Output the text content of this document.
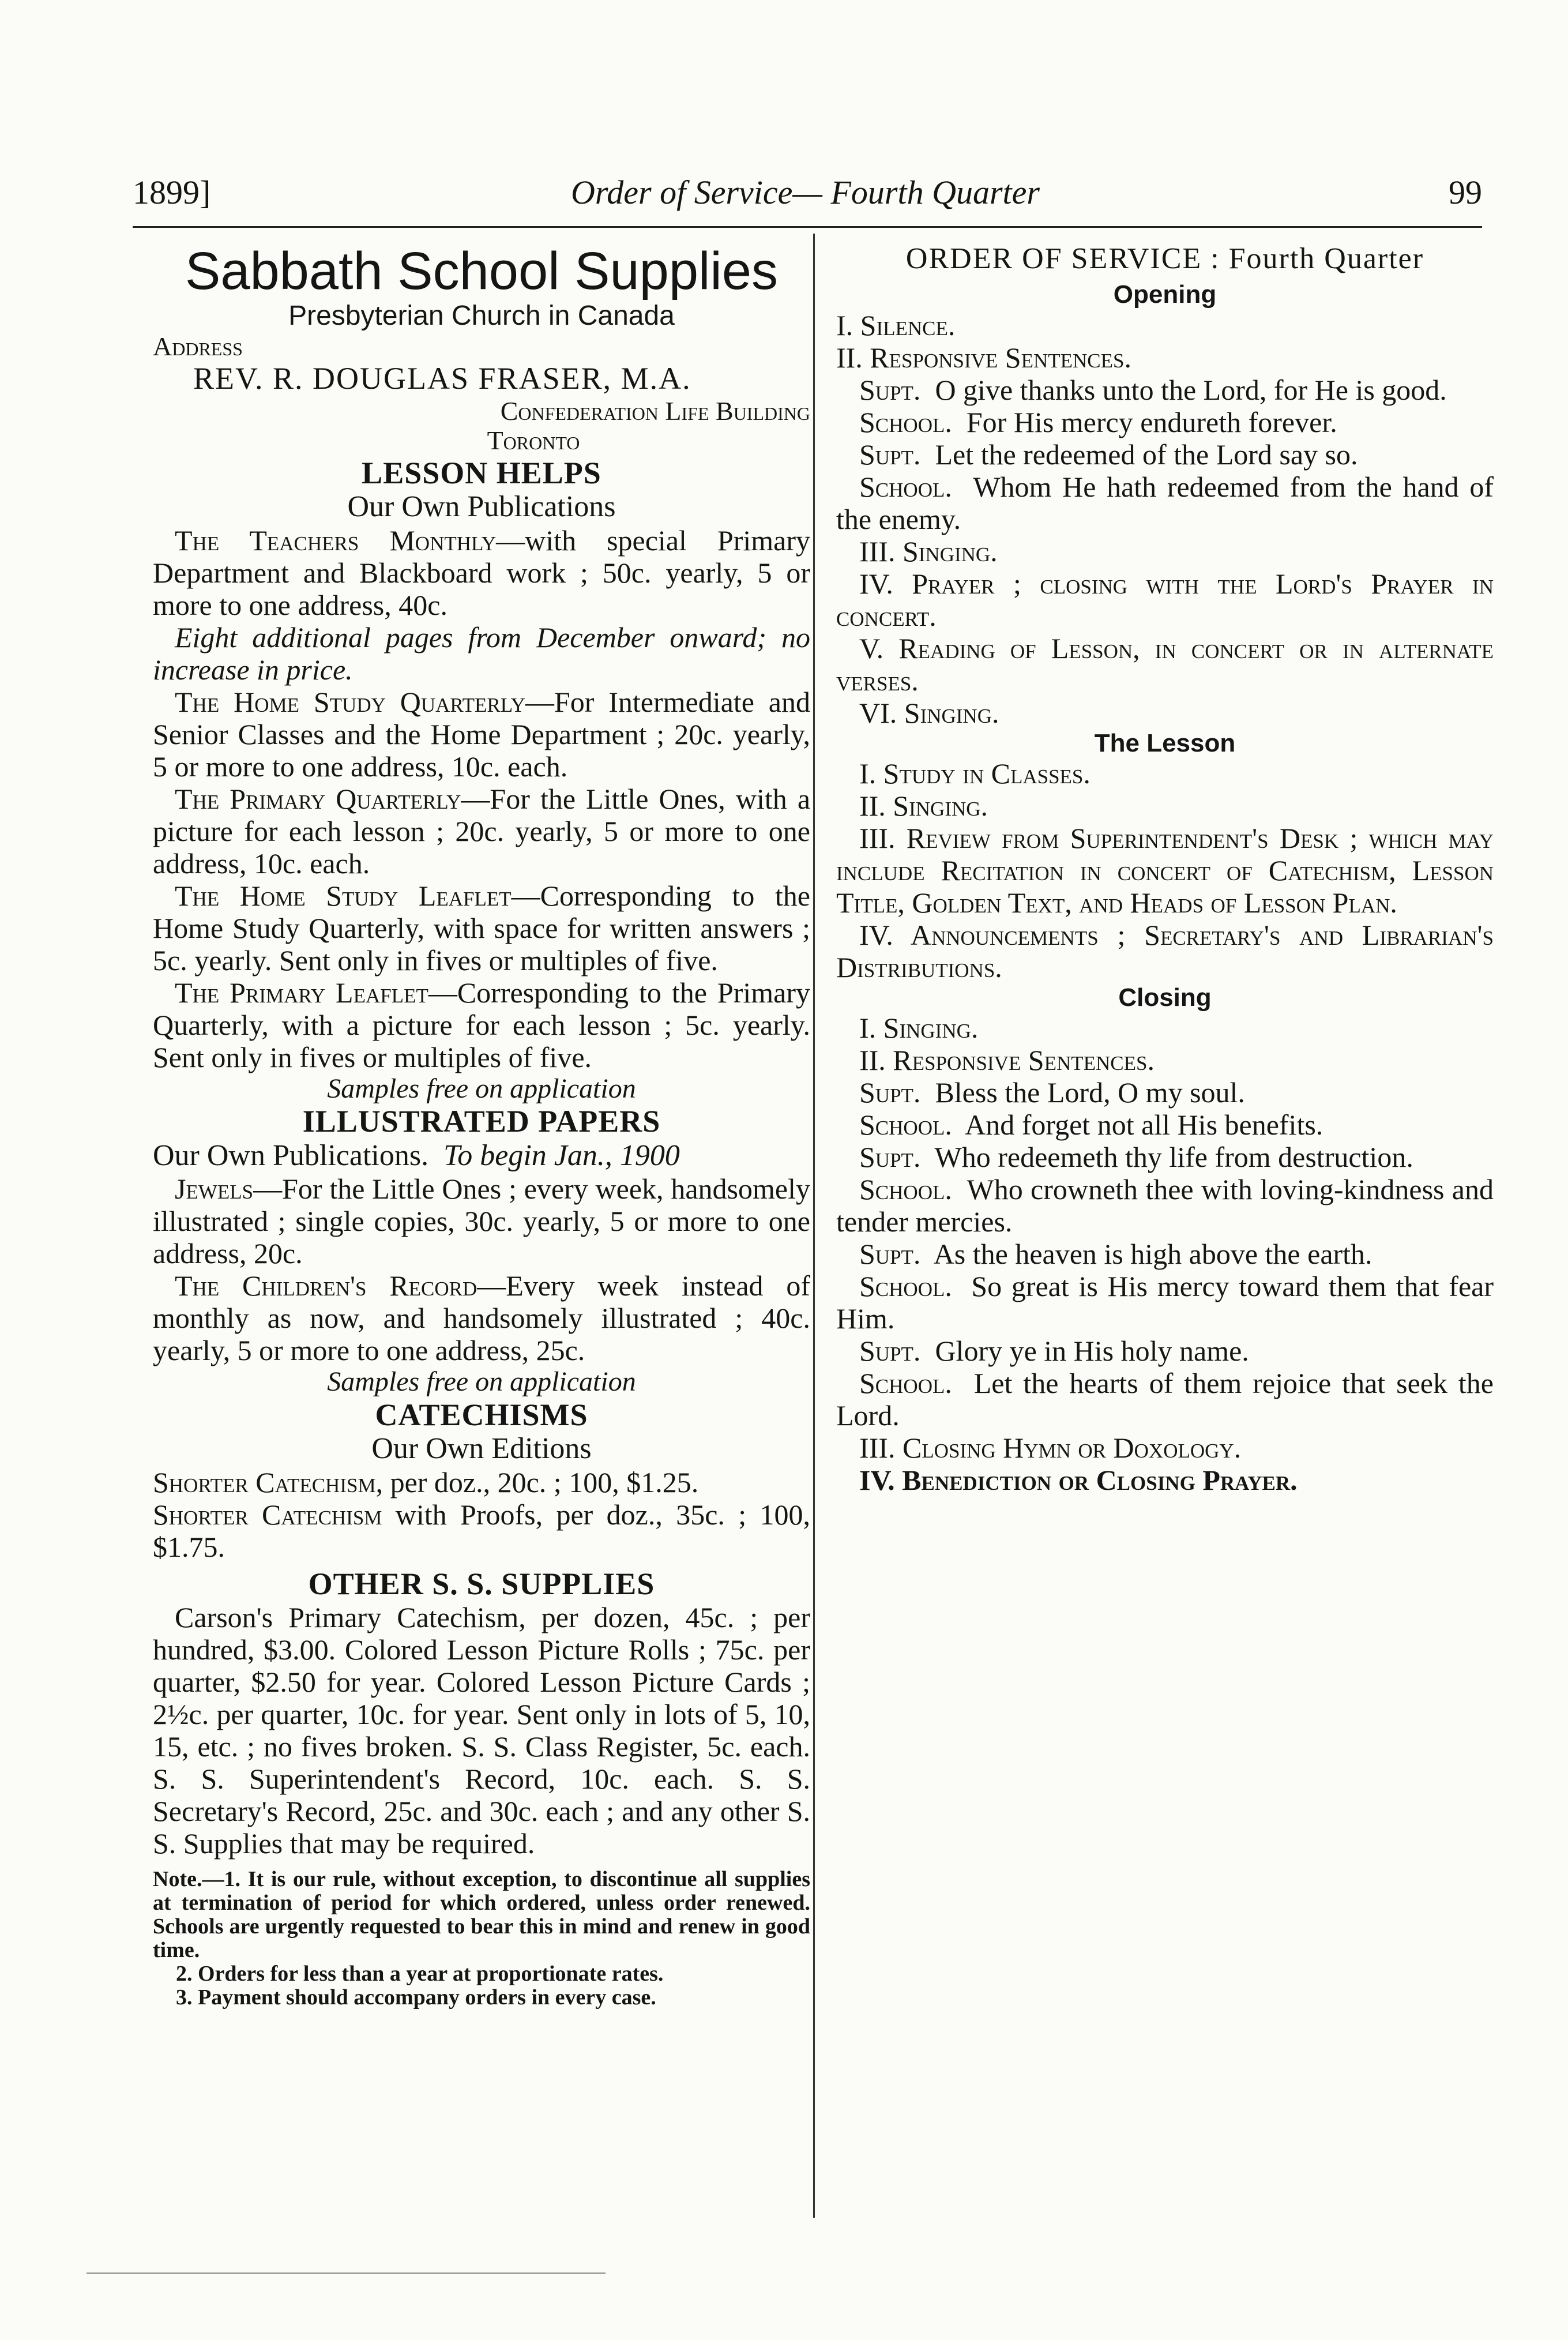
1899]	Order of Service— Fourth Quarter	99

Sabbath School Supplies

Presbyterian Church in Canada

Address

REV. R. DOUGLAS FRASER, M.A.

Confederation Life Building

Toronto

LESSON HELPS

Our Own Publications

The Teachers Monthly—with special Primary Department and Blackboard work ; 50c. yearly, 5 or more to one address, 40c.

Eight additional pages from December onward; no increase in price.

The Home Study Quarterly—For Intermediate and Senior Classes and the Home Department ; 20c. yearly, 5 or more to one address, 10c. each.

The Primary Quarterly—For the Little Ones, with a picture for each lesson ; 20c. yearly, 5 or more to one address, 10c. each.

The Home Study Leaflet—Corresponding to the Home Study Quarterly, with space for written answers ; 5c. yearly. Sent only in fives or multiples of five.

The Primary Leaflet—Corresponding to the Primary Quarterly, with a picture for each lesson ; 5c. yearly. Sent only in fives or multiples of five.

Samples free on application

ILLUSTRATED PAPERS

Our Own Publications. To begin Jan., 1900

Jewels—For the Little Ones ; every week, handsomely illustrated ; single copies, 30c. yearly, 5 or more to one address, 20c.

The Children's Record—Every week instead of monthly as now, and handsomely illustrated ; 40c. yearly, 5 or more to one address, 25c.

Samples free on application

CATECHISMS

Our Own Editions

Shorter Catechism, per doz., 20c. ; 100, $1.25.

Shorter Catechism with Proofs, per doz., 35c. ; 100, $1.75.

OTHER S. S. SUPPLIES

Carson's Primary Catechism, per dozen, 45c. ; per hundred, $3.00. Colored Lesson Picture Rolls ; 75c. per quarter, $2.50 for year. Colored Lesson Picture Cards ; 2½c. per quarter, 10c. for year. Sent only in lots of 5, 10, 15, etc. ; no fives broken. S. S. Class Register, 5c. each. S. S. Superintendent's Record, 10c. each. S. S. Secretary's Record, 25c. and 30c. each ; and any other S. S. Supplies that may be required.

Note.—1. It is our rule, without exception, to discontinue all supplies at termination of period for which ordered, unless order renewed. Schools are urgently requested to bear this in mind and renew in good time.

2. Orders for less than a year at proportionate rates.

3. Payment should accompany orders in every case.

ORDER OF SERVICE : Fourth Quarter

Opening

I. Silence.

II. Responsive Sentences.

Supt. O give thanks unto the Lord, for He is good.

School. For His mercy endureth forever.

Supt. Let the redeemed of the Lord say so.

School. Whom He hath redeemed from the hand of the enemy.

III. Singing.

IV. Prayer ; closing with the Lord's Prayer in concert.

V. Reading of Lesson, in concert or in alternate verses.

VI. Singing.

The Lesson

I. Study in Classes.

II. Singing.

III. Review from Superintendent's Desk ; which may include Recitation in concert of Catechism, Lesson Title, Golden Text, and Heads of Lesson Plan.

IV. Announcements ; Secretary's and Librarian's Distributions.

Closing

I. Singing.

II. Responsive Sentences.

Supt. Bless the Lord, O my soul.

School. And forget not all His benefits.

Supt. Who redeemeth thy life from destruction.

School. Who crowneth thee with loving-kindness and tender mercies.

Supt. As the heaven is high above the earth.

School. So great is His mercy toward them that fear Him.

Supt. Glory ye in His holy name.

School. Let the hearts of them rejoice that seek the Lord.

III. Closing Hymn or Doxology.

IV. Benediction or Closing Prayer.
